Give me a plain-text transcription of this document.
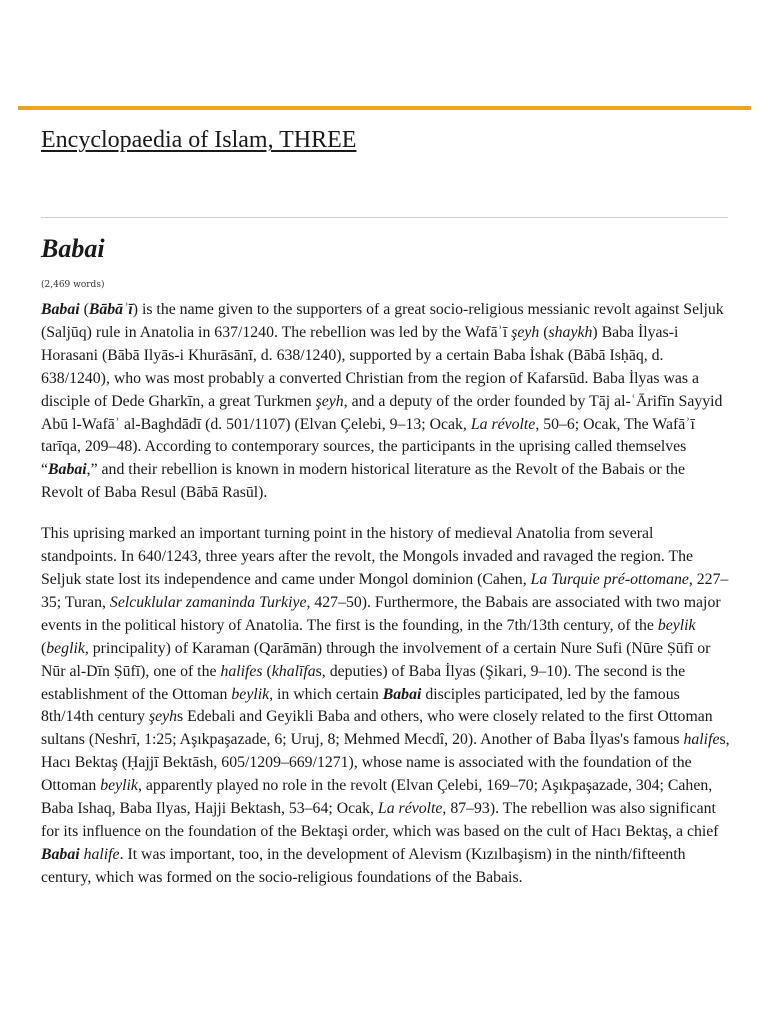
Encyclopaedia of Islam, THREE
Babai
(2,469 words)

Babai (Bābāʾī) is the name given to the supporters of a great socio-religious messianic revolt against Seljuk (Saljūq) rule in Anatolia in 637/1240. The rebellion was led by the Wafāʾī şeyh (shaykh) Baba İlyas-i Horasani (Bābā Ilyās-i Khurāsānī, d. 638/1240), supported by a certain Baba İshak (Bābā Isḥāq, d. 638/1240), who was most probably a converted Christian from the region of Kafarsūd. Baba İlyas was a disciple of Dede Gharkīn, a great Turkmen şeyh, and a deputy of the order founded by Tāj al-ʿĀrifīn Sayyid Abū l-Wafāʾ al-Baghdādī (d. 501/1107) (Elvan Çelebi, 9–13; Ocak, La révolte, 50–6; Ocak, The Wafāʾī tarīqa, 209–48). According to contemporary sources, the participants in the uprising called themselves “Babai,” and their rebellion is known in modern historical literature as the Revolt of the Babais or the Revolt of Baba Resul (Bābā Rasūl).

This uprising marked an important turning point in the history of medieval Anatolia from several standpoints. In 640/1243, three years after the revolt, the Mongols invaded and ravaged the region. The Seljuk state lost its independence and came under Mongol dominion (Cahen, La Turquie pré-ottomane, 227–35; Turan, Selcuklular zamaninda Turkiye, 427–50). Furthermore, the Babais are associated with two major events in the political history of Anatolia. The first is the founding, in the 7th/13th century, of the beylik (beglik, principality) of Karaman (Qarāmān) through the involvement of a certain Nure Sufi (Nūre Ṣūfī or Nūr al-Dīn Ṣūfī), one of the halifes (khalīfas, deputies) of Baba İlyas (Şikari, 9–10). The second is the establishment of the Ottoman beylik, in which certain Babai disciples participated, led by the famous 8th/14th century şeyhs Edebali and Geyikli Baba and others, who were closely related to the first Ottoman sultans (Neshrī, 1:25; Aşıkpaşazade, 6; Uruj, 8; Mehmed Mecdî, 20). Another of Baba İlyas's famous halifes, Hacı Bektaş (Ḥajjī Bektāsh, 605/1209–669/1271), whose name is associated with the foundation of the Ottoman beylik, apparently played no role in the revolt (Elvan Çelebi, 169–70; Aşıkpaşazade, 304; Cahen, Baba Ishaq, Baba Ilyas, Hajji Bektash, 53–64; Ocak, La révolte, 87–93). The rebellion was also significant for its influence on the foundation of the Bektaşi order, which was based on the cult of Hacı Bektaş, a chief Babai halife. It was important, too, in the development of Alevism (Kızılbaşism) in the ninth/fifteenth century, which was formed on the socio-religious foundations of the Babais.
